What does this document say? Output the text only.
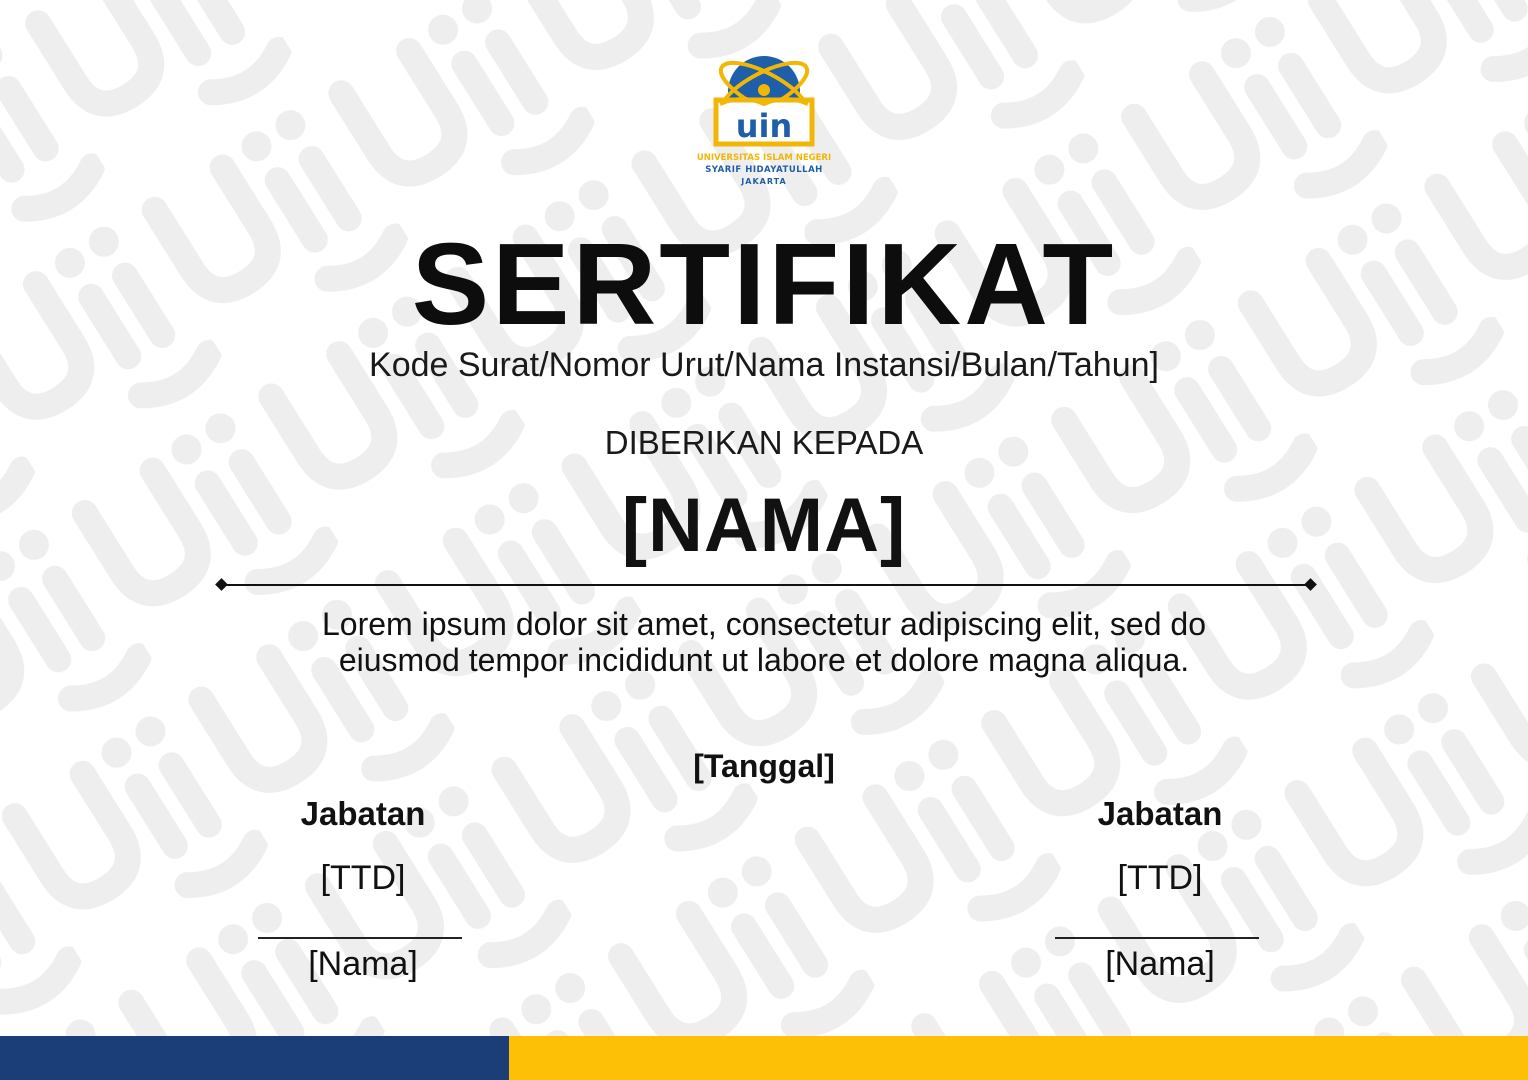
uin
UNIVERSITAS ISLAM NEGERI
SYARIF HIDAYATULLAH
JAKARTA
SERTIFIKAT
Kode Surat/Nomor Urut/Nama Instansi/Bulan/Tahun]
DIBERIKAN KEPADA
[NAMA]
Lorem ipsum dolor sit amet, consectetur adipiscing elit, sed do
eiusmod tempor incididunt ut labore et dolore magna aliqua.
[Tanggal]
Jabatan
[TTD]
[Nama]
Jabatan
[TTD]
[Nama]
